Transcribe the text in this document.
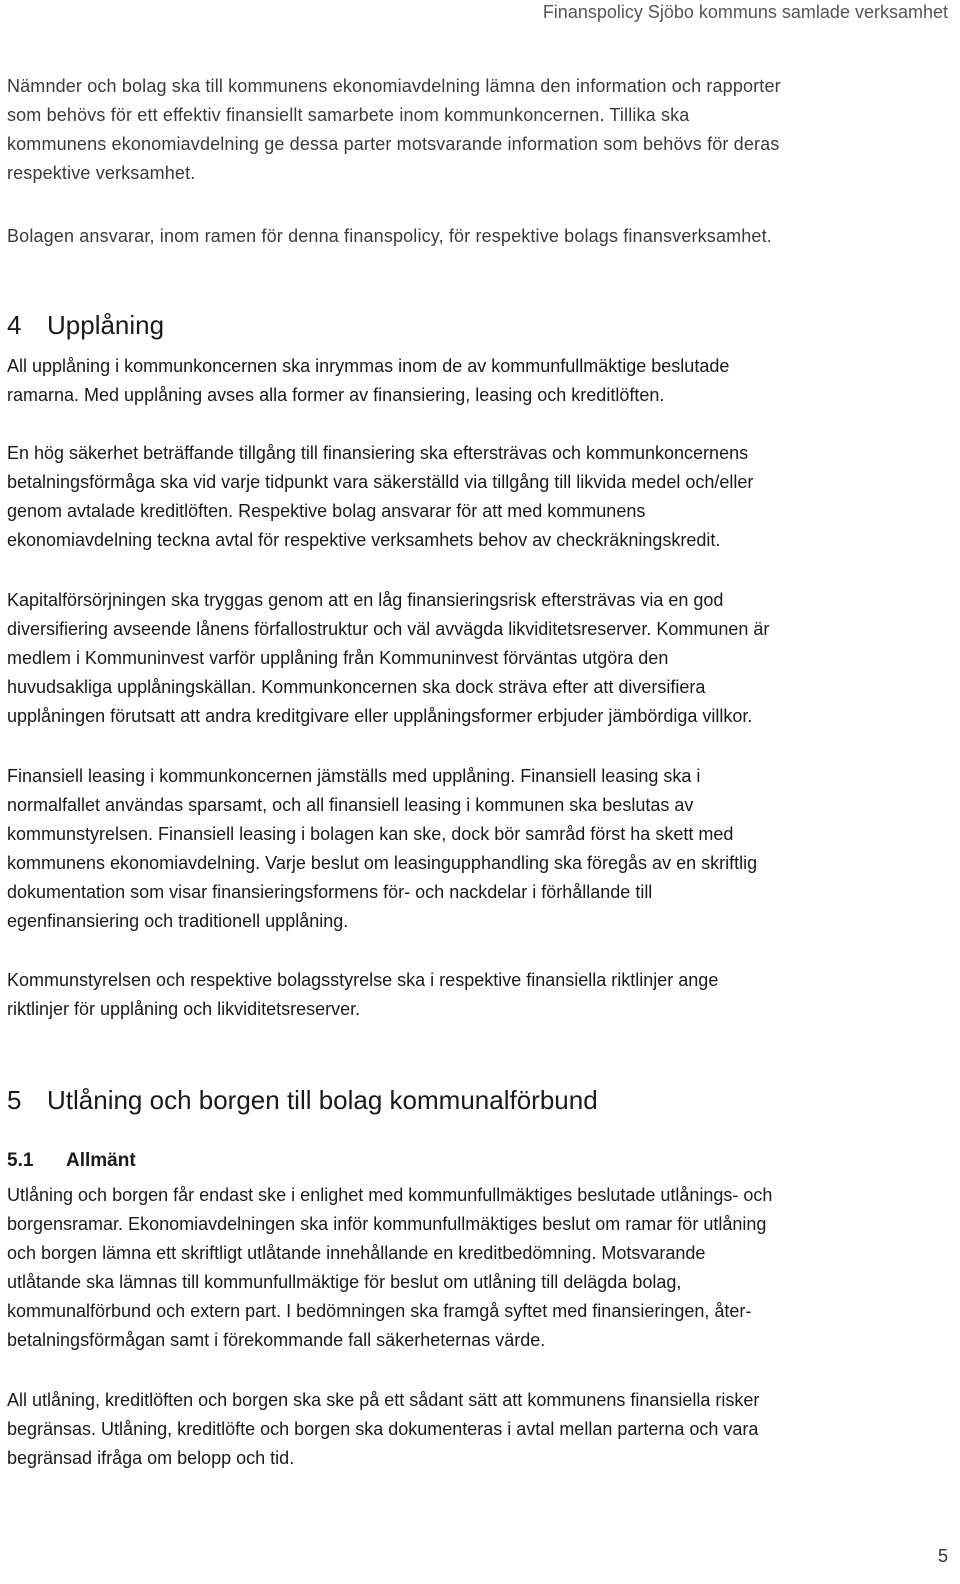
Finanspolicy Sjöbo kommuns samlade verksamhet
Nämnder och bolag ska till kommunens ekonomiavdelning lämna den information och rapporter
som behövs för ett effektiv finansiellt samarbete inom kommunkoncernen. Tillika ska
kommunens ekonomiavdelning ge dessa parter motsvarande information som behövs för deras
respektive verksamhet.
Bolagen ansvarar, inom ramen för denna finanspolicy, för respektive bolags finansverksamhet.
4 Upplåning
All upplåning i kommunkoncernen ska inrymmas inom de av kommunfullmäktige beslutade
ramarna. Med upplåning avses alla former av finansiering, leasing och kreditlöften.
En hög säkerhet beträffande tillgång till finansiering ska eftersträvas och kommunkoncernens
betalningsförmåga ska vid varje tidpunkt vara säkerställd via tillgång till likvida medel och/eller
genom avtalade kreditlöften. Respektive bolag ansvarar för att med kommunens
ekonomiavdelning teckna avtal för respektive verksamhets behov av checkräkningskredit.
Kapitalförsörjningen ska tryggas genom att en låg finansieringsrisk eftersträvas via en god
diversifiering avseende lånens förfallostruktur och väl avvägda likviditetsreserver. Kommunen är
medlem i Kommuninvest varför upplåning från Kommuninvest förväntas utgöra den
huvudsakliga upplåningskällan. Kommunkoncernen ska dock sträva efter att diversifiera
upplåningen förutsatt att andra kreditgivare eller upplåningsformer erbjuder jämbördiga villkor.
Finansiell leasing i kommunkoncernen jämställs med upplåning. Finansiell leasing ska i
normalfallet användas sparsamt, och all finansiell leasing i kommunen ska beslutas av
kommunstyrelsen. Finansiell leasing i bolagen kan ske, dock bör samråd först ha skett med
kommunens ekonomiavdelning. Varje beslut om leasingupphandling ska föregås av en skriftlig
dokumentation som visar finansieringsformens för- och nackdelar i förhållande till
egenfinansiering och traditionell upplåning.
Kommunstyrelsen och respektive bolagsstyrelse ska i respektive finansiella riktlinjer ange
riktlinjer för upplåning och likviditetsreserver.
5 Utlåning och borgen till bolag kommunalförbund
5.1 Allmänt
Utlåning och borgen får endast ske i enlighet med kommunfullmäktiges beslutade utlånings- och
borgensramar. Ekonomiavdelningen ska inför kommunfullmäktiges beslut om ramar för utlåning
och borgen lämna ett skriftligt utlåtande innehållande en kreditbedömning. Motsvarande
utlåtande ska lämnas till kommunfullmäktige för beslut om utlåning till delägda bolag,
kommunalförbund och extern part. I bedömningen ska framgå syftet med finansieringen, åter-
betalningsförmågan samt i förekommande fall säkerheternas värde.
All utlåning, kreditlöften och borgen ska ske på ett sådant sätt att kommunens finansiella risker
begränsas. Utlåning, kreditlöfte och borgen ska dokumenteras i avtal mellan parterna och vara
begränsad ifråga om belopp och tid.
5
